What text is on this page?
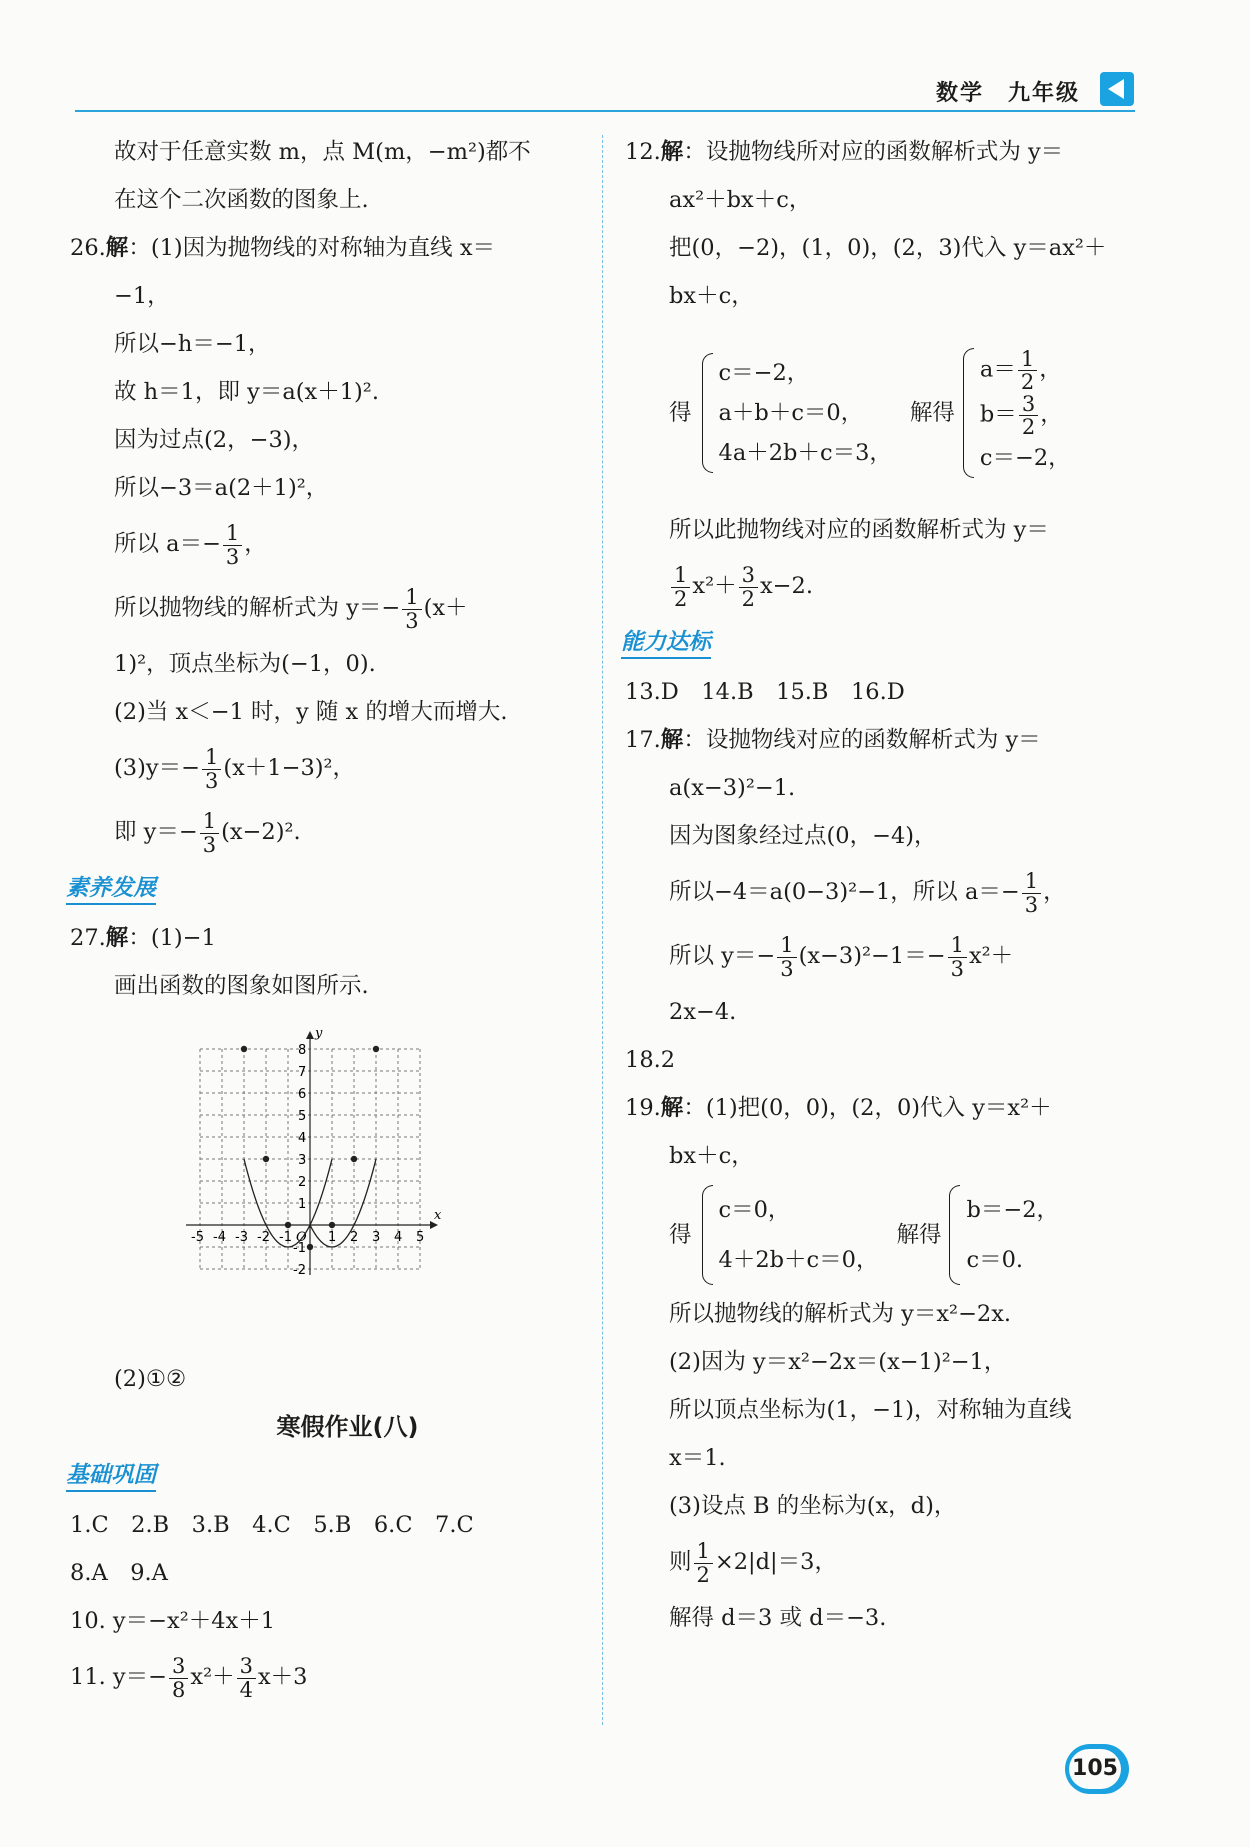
数学　九年级
故对于任意实数 m，点 M(m，−m²)都不
在这个二次函数的图象上.
26.解：(1)因为抛物线的对称轴为直线 x＝
−1，
所以−h＝−1，
故 h＝1，即 y＝a(x＋1)².
因为过点(2，−3)，
所以−3＝a(2＋1)²，
所以 $a=- \frac{1}{3}$ ，
所以抛物线的解析式为 $y=- \frac{1}{3} (x+$
1)²，顶点坐标为(−1，0).
(2)当 x＜−1 时，y 随 x 的增大而增大.
$(3)y=- \frac{1}{3} (x+1-3)^2$，
即 $y=- \frac{1}{3} (x-2)^2$.
素养发展
27.解：(1)−1
画出函数的图象如图所示.
x
y
O
-5 -4 -3 -2 -1	1 2 3 4 5
8
7
6
5
4
3
2
1
-1
-2
(2)①②
寒假作业(八)
基础巩固
1.C　2.B　3.B　4.C　5.B　6.C　7.C
8.A　9.A
10. y＝−x²＋4x＋1
11. $y=- \frac{3}{8} x^2+ \frac{3}{4} x+3$
12.解：设抛物线所对应的函数解析式为 y＝
ax²＋bx＋c，
把(0，−2)，(1，0)，(2，3)代入 y＝ax²＋
bx＋c，
得
c＝−2，
a＋b＋c＝0，
4a＋2b＋c＝3，
解得
$a= \frac{1}{2}$ ，
$b= \frac{3}{2}$ ，
c＝−2，
所以此抛物线对应的函数解析式为 y＝
$\frac{1}{2} x^2+ \frac{3}{2} x-2$.
能力达标
13.D　14.B　15.B　16.D
17.解：设抛物线对应的函数解析式为 y＝
a(x−3)²−1.
因为图象经过点(0，−4)，
所以−4＝a(0−3)²−1，所以 $a=- \frac{1}{3}$ ，
所以 $y=- \frac{1}{3} (x-3)^2-1=- \frac{1}{3} x^2+$
2x−4.
18.2
19.解：(1)把(0，0)，(2，0)代入 y＝x²＋
bx＋c，
得
c＝0，
4＋2b＋c＝0，
解得
b＝−2，
c＝0.
所以抛物线的解析式为 y＝x²−2x.
(2)因为 y＝x²−2x＝(x−1)²−1，
所以顶点坐标为(1，−1)，对称轴为直线
x＝1.
(3)设点 B 的坐标为(x，d)，
则 $\frac{1}{2} \times 2|d|=3$，
解得 d＝3 或 d＝−3.
105
